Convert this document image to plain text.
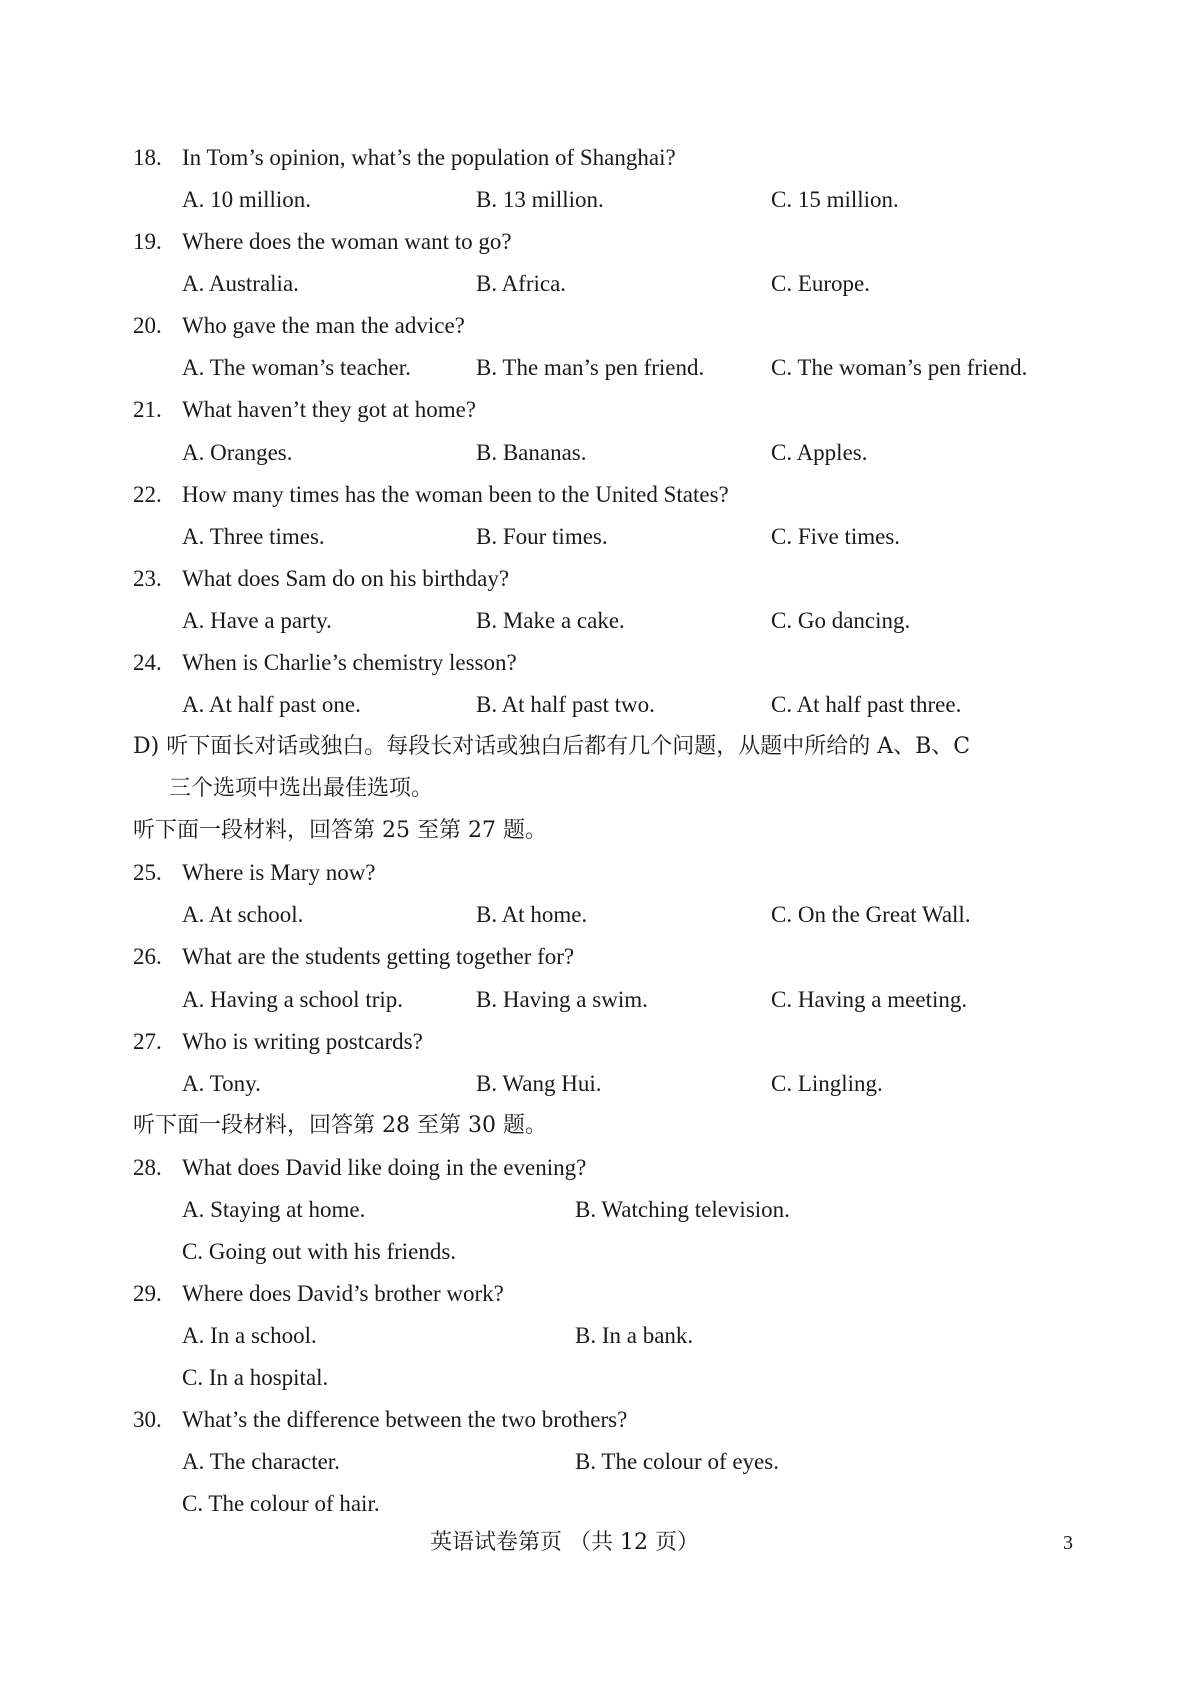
18. In Tom’s opinion, what’s the population of Shanghai?
A. 10 million.	B. 13 million.	C. 15 million.
19. Where does the woman want to go?
A. Australia.	B. Africa.	C. Europe.
20. Who gave the man the advice?
A. The woman’s teacher.	B. The man’s pen friend.	C. The woman’s pen friend.
21. What haven’t they got at home?
A. Oranges.	B. Bananas.	C. Apples.
22. How many times has the woman been to the United States?
A. Three times.	B. Four times.	C. Five times.
23. What does Sam do on his birthday?
A. Have a party.	B. Make a cake.	C. Go dancing.
24. When is Charlie’s chemistry lesson?
A. At half past one.	B. At half past two.	C. At half past three.
D) 听下面长对话或独白。每段长对话或独白后都有几个问题，从题中所给的 A、B、C
三个选项中选出最佳选项。
听下面一段材料，回答第 25 至第 27 题。
25. Where is Mary now?
A. At school.	B. At home.	C. On the Great Wall.
26. What are the students getting together for?
A. Having a school trip.	B. Having a swim.	C. Having a meeting.
27. Who is writing postcards?
A. Tony.	B. Wang Hui.	C. Lingling.
听下面一段材料，回答第 28 至第 30 题。
28. What does David like doing in the evening?
A. Staying at home.	B. Watching television.
C. Going out with his friends.
29. Where does David’s brother work?
A. In a school.	B. In a bank.
C. In a hospital.
30. What’s the difference between the two brothers?
A. The character.	B. The colour of eyes.
C. The colour of hair.
英语试卷第页 （共 12 页）	3
